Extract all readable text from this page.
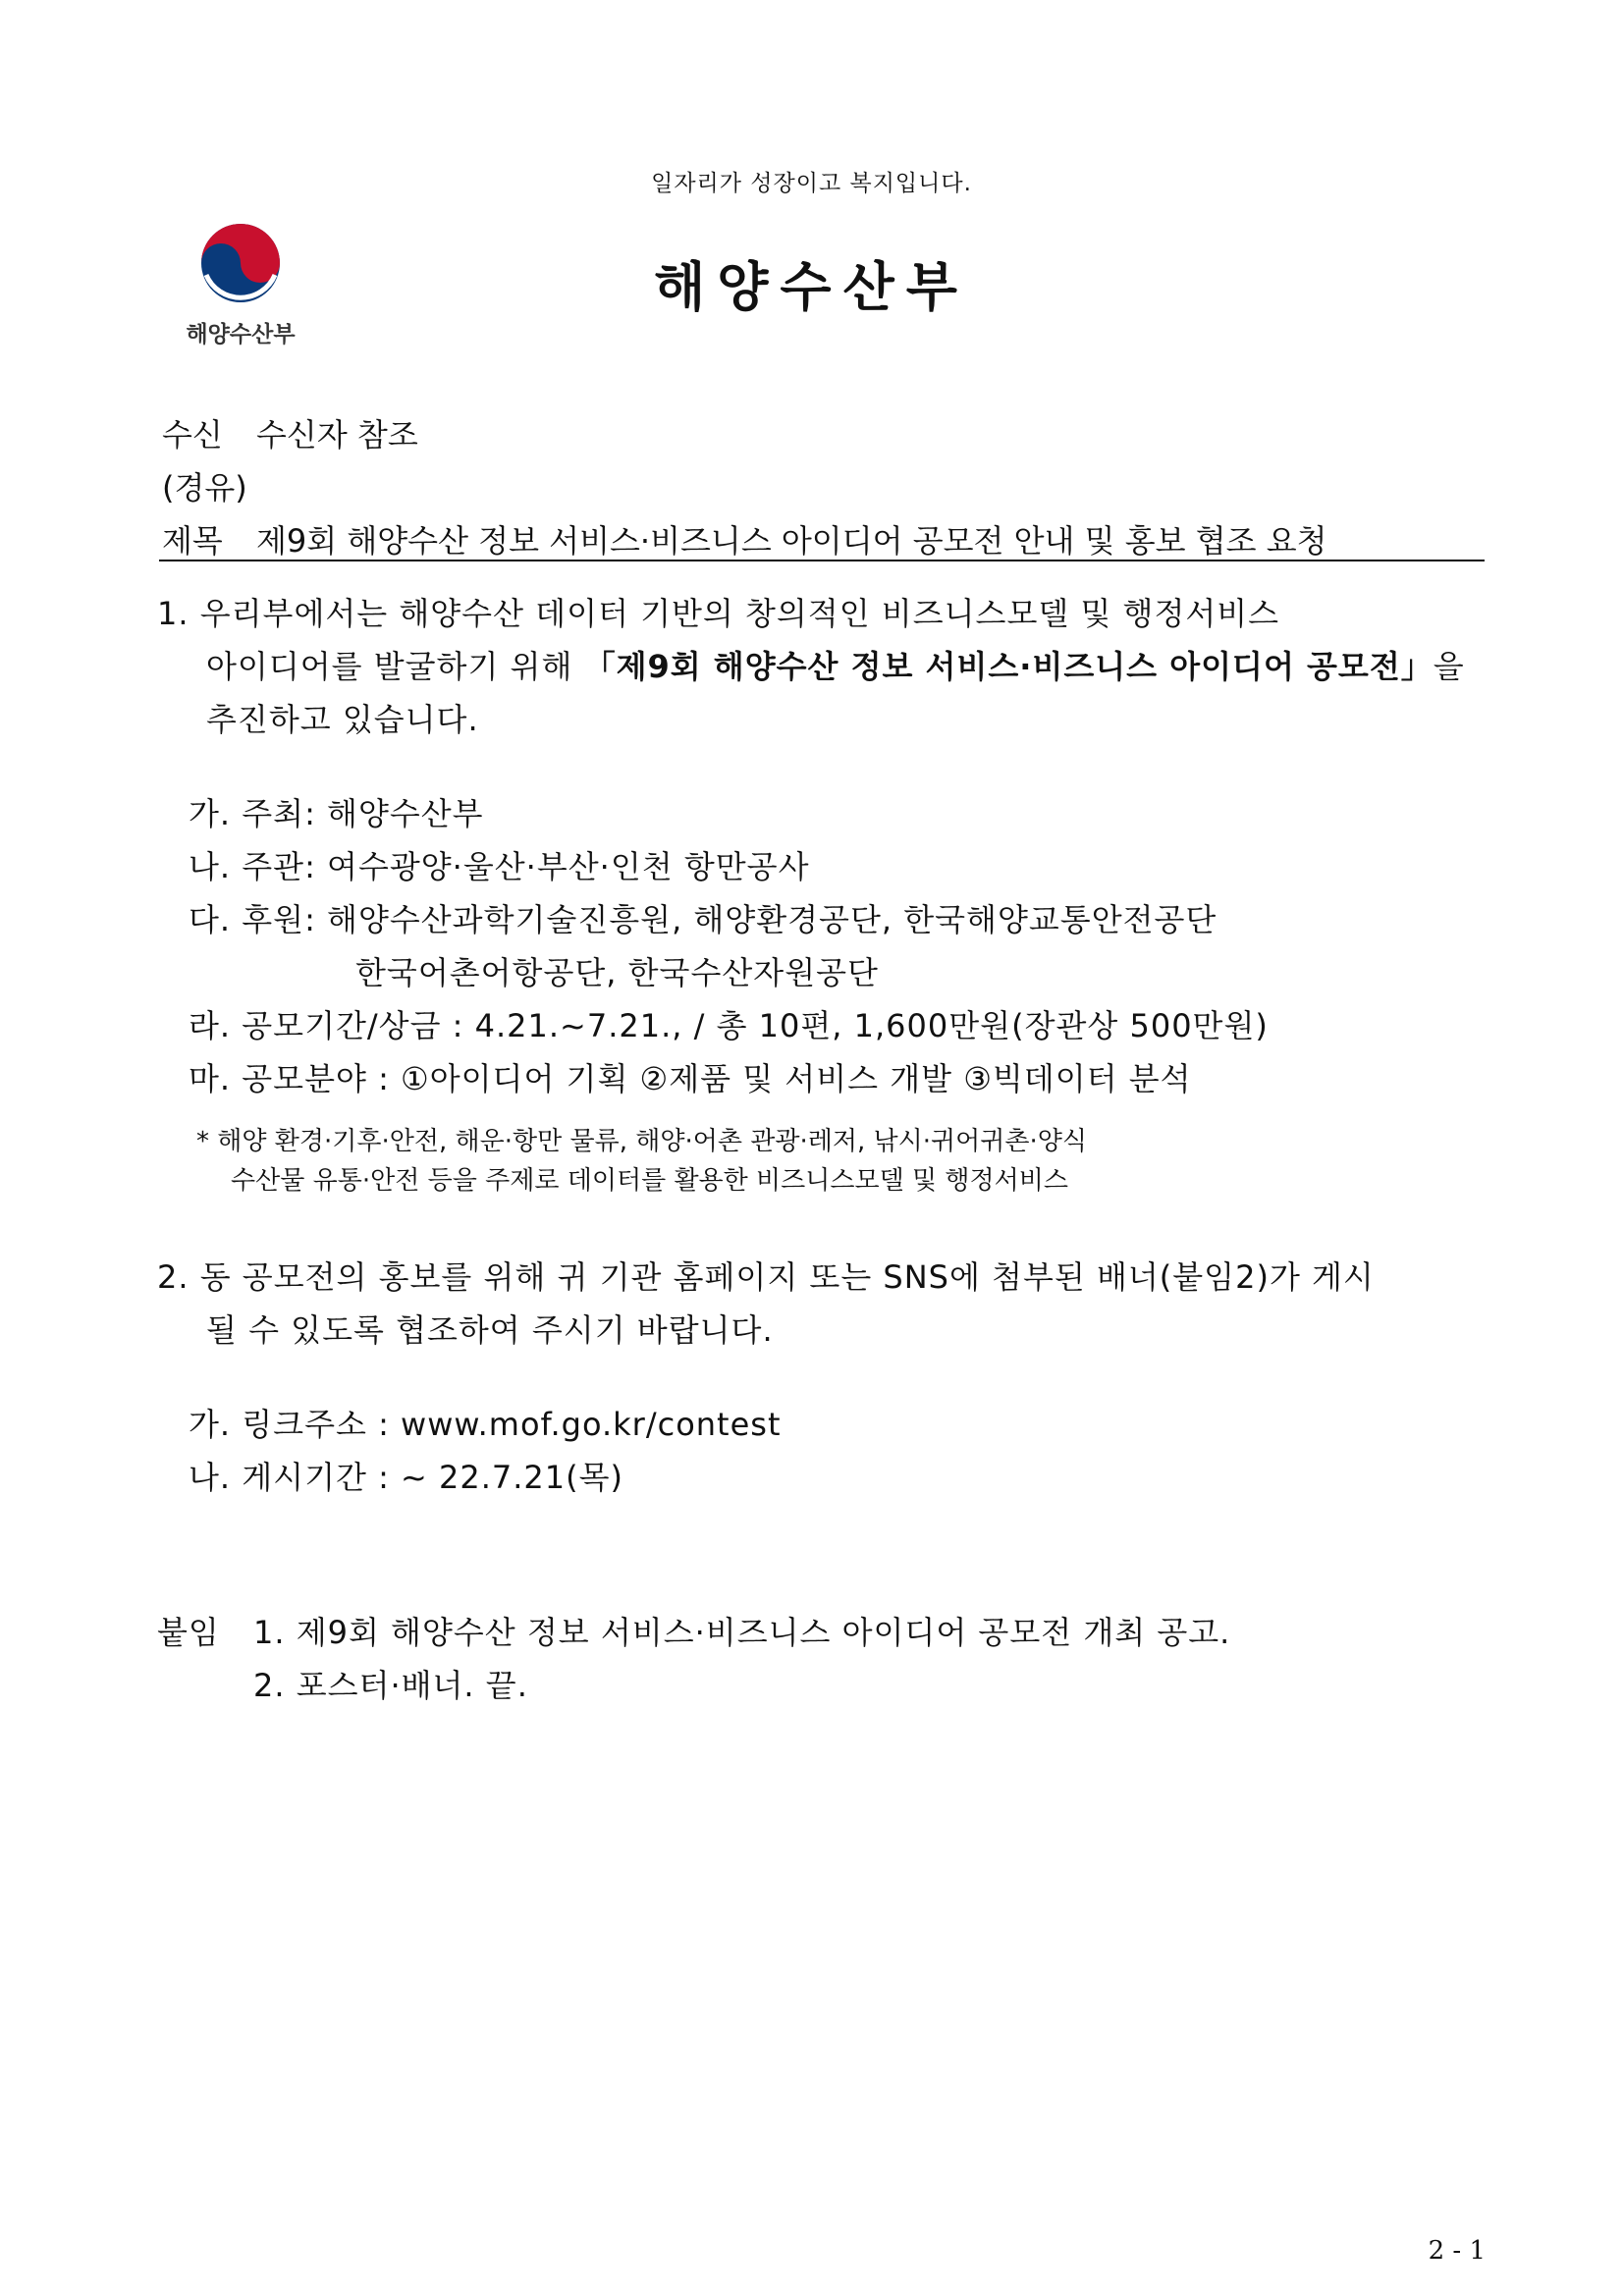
일자리가 성장이고 복지입니다.
해양수산부
해양수산부
수신 수신자 참조
(경유)
제목 제9회 해양수산 정보 서비스·비즈니스 아이디어 공모전 안내 및 홍보 협조 요청
1. 우리부에서는 해양수산 데이터 기반의 창의적인 비즈니스모델 및 행정서비스
아이디어를 발굴하기 위해 「제9회 해양수산 정보 서비스·비즈니스 아이디어 공모전」을
추진하고 있습니다.
가. 주최: 해양수산부
나. 주관: 여수광양·울산·부산·인천 항만공사
다. 후원: 해양수산과학기술진흥원, 해양환경공단, 한국해양교통안전공단
한국어촌어항공단, 한국수산자원공단
라. 공모기간/상금 : 4.21.~7.21., / 총 10편, 1,600만원(장관상 500만원)
마. 공모분야 : ①아이디어 기획 ②제품 및 서비스 개발 ③빅데이터 분석
* 해양 환경·기후·안전, 해운·항만 물류, 해양·어촌 관광·레저, 낚시·귀어귀촌·양식
수산물 유통·안전 등을 주제로 데이터를 활용한 비즈니스모델 및 행정서비스
2. 동 공모전의 홍보를 위해 귀 기관 홈페이지 또는 SNS에 첨부된 배너(붙임2)가 게시
될 수 있도록 협조하여 주시기 바랍니다.
가. 링크주소 : www.mof.go.kr/contest
나. 게시기간 : ~ 22.7.21(목)
붙임 1. 제9회 해양수산 정보 서비스·비즈니스 아이디어 공모전 개최 공고.
2. 포스터·배너. 끝.
2 - 1
